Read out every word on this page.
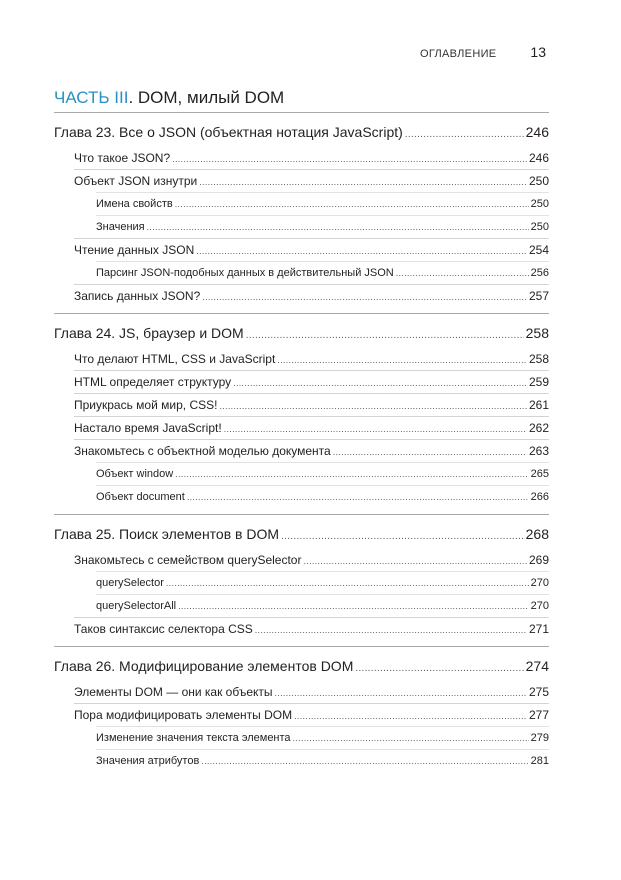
ОГЛАВЛЕНИЕ 13
ЧАСТЬ III. DOM, милый DOM
Глава 23. Все о JSON (объектная нотация JavaScript) .....	246
Что такое JSON? .....	246
Объект JSON изнутри .....	250
Имена свойств .....	250
Значения .....	250
Чтение данных JSON .....	254
Парсинг JSON-подобных данных в действительный JSON .....	256
Запись данных JSON? .....	257
Глава 24. JS, браузер и DOM .....	258
Что делают HTML, CSS и JavaScript .....	258
HTML определяет структуру .....	259
Приукрась мой мир, CSS! .....	261
Настало время JavaScript! .....	262
Знакомьтесь с объектной моделью документа .....	263
Объект window .....	265
Объект document .....	266
Глава 25. Поиск элементов в DOM .....	268
Знакомьтесь с семейством querySelector .....	269
querySelector .....	270
querySelectorAll .....	270
Таков синтаксис селектора CSS .....	271
Глава 26. Модифицирование элементов DOM .....	274
Элементы DOM — они как объекты .....	275
Пора модифицировать элементы DOM .....	277
Изменение значения текста элемента .....	279
Значения атрибутов .....	281
